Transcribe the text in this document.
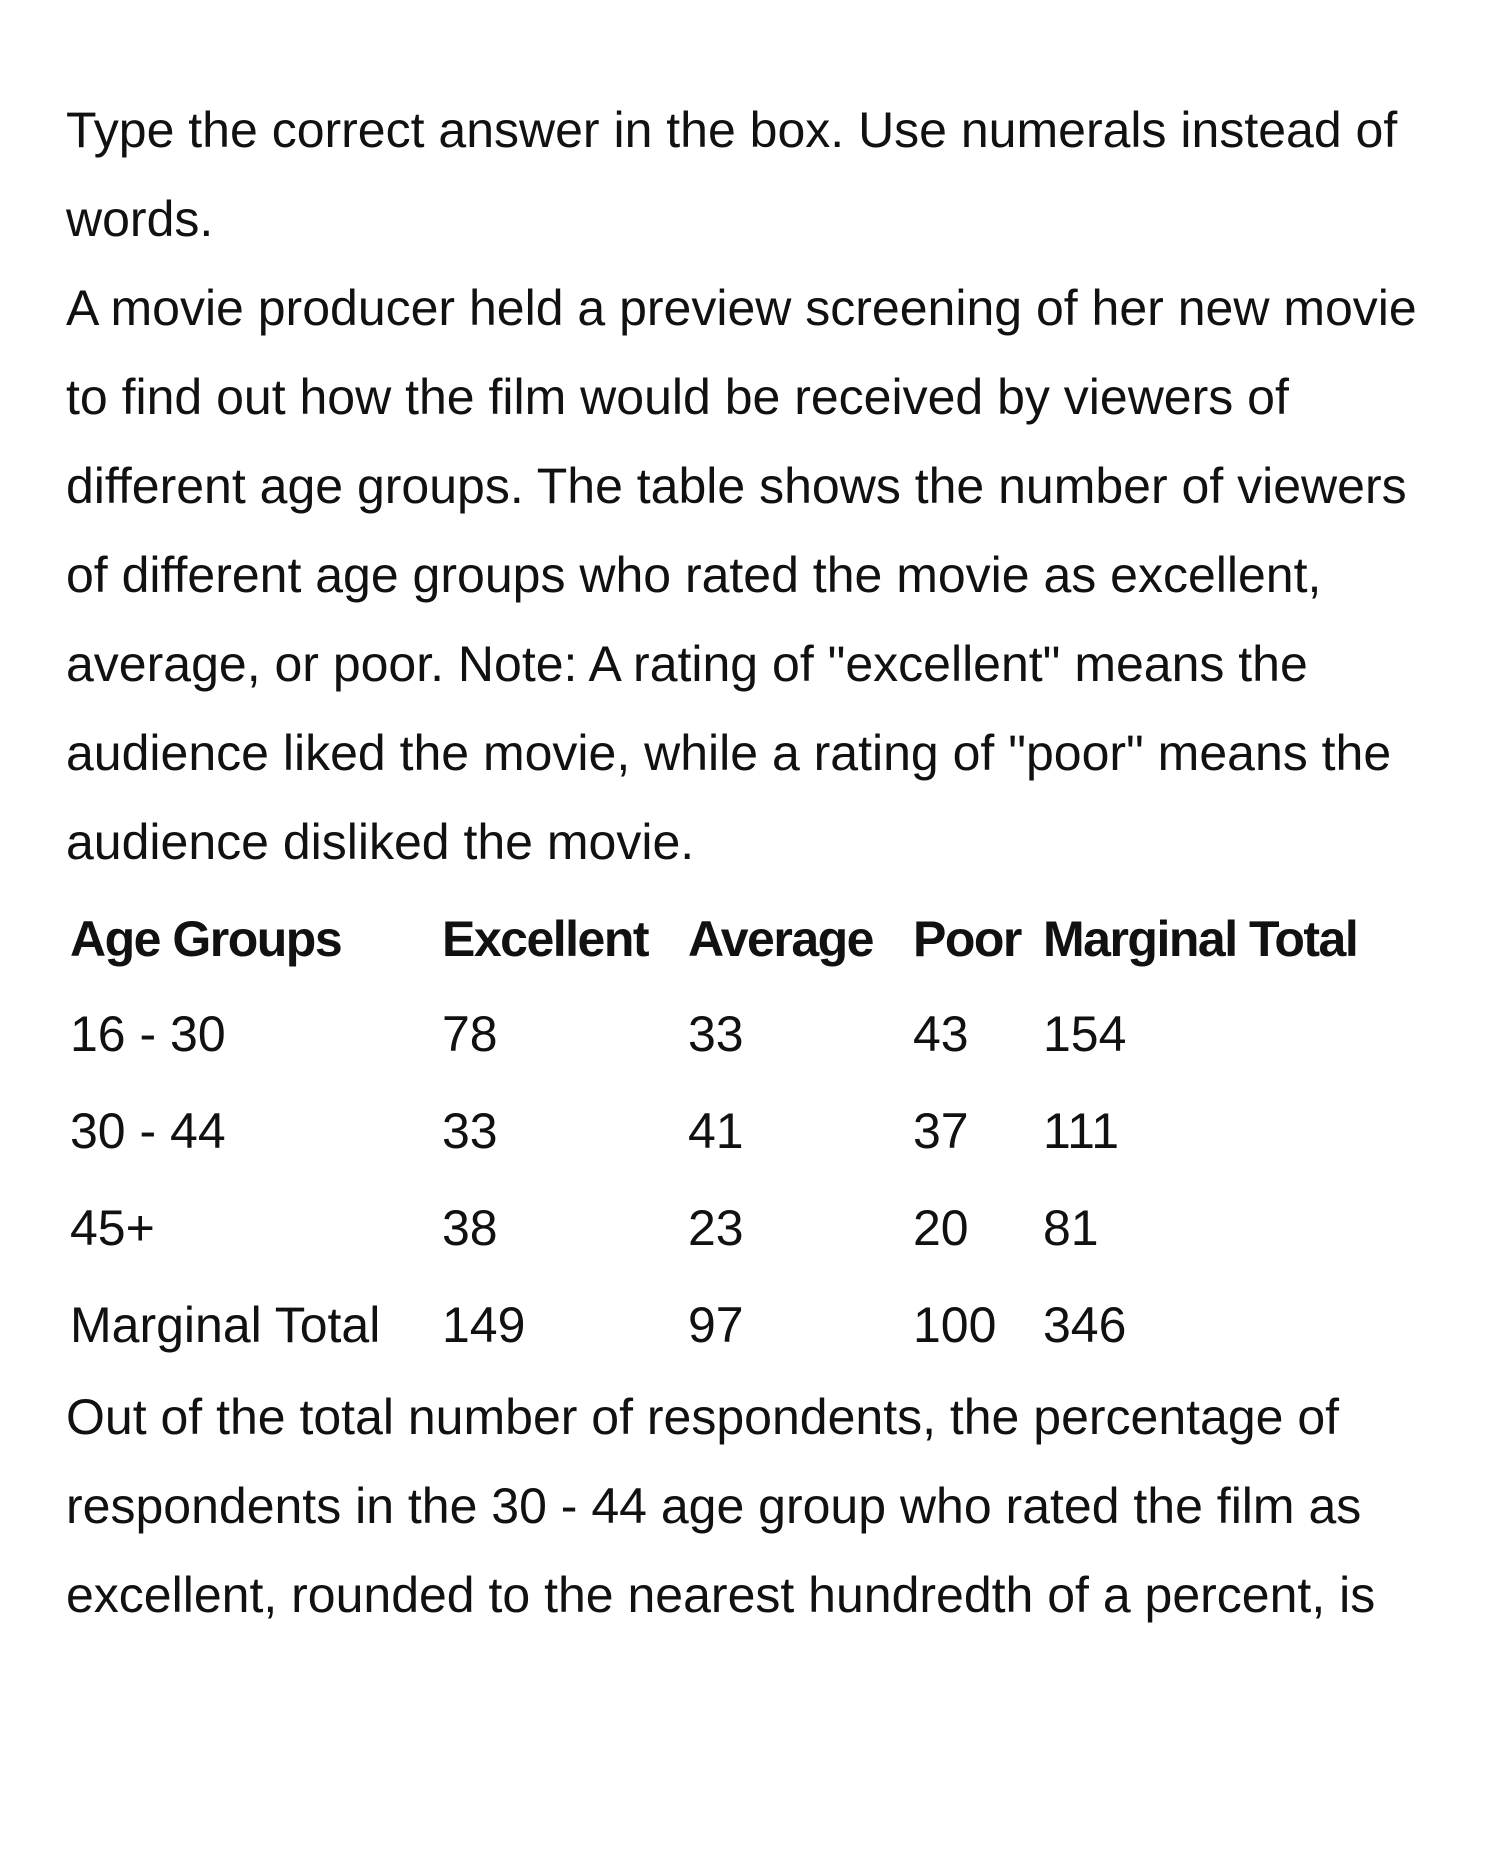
Type the correct answer in the box. Use numerals instead of words.

A movie producer held a preview screening of her new movie to find out how the film would be received by viewers of different age groups. The table shows the number of viewers of different age groups who rated the movie as excellent, average, or poor. Note: A rating of "excellent" means the audience liked the movie, while a rating of "poor" means the audience disliked the movie.

Age Groups	Excellent	Average	Poor	Marginal Total
16 - 30	78	33	43	154
30 - 44	33	41	37	111
45+	38	23	20	81
Marginal Total	149	97	100	346

Out of the total number of respondents, the percentage of respondents in the 30 - 44 age group who rated the film as excellent, rounded to the nearest hundredth of a percent, is
